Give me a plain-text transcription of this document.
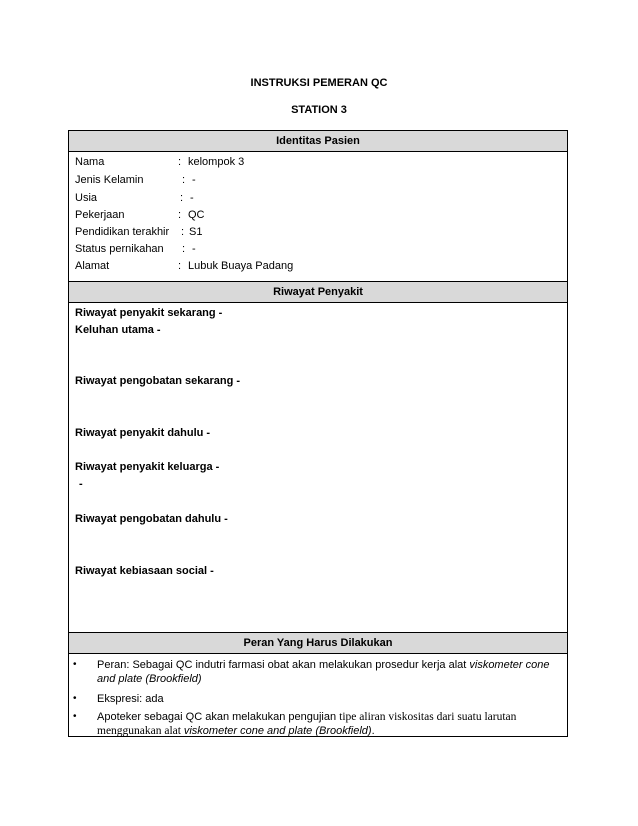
INSTRUKSI PEMERAN QC
STATION 3
Identitas Pasien
Nama	: kelompok 3
Jenis Kelamin	: -
Usia	: -
Pekerjaan	: QC
Pendidikan terakhir : S1
Status pernikahan : -
Alamat	: Lubuk Buaya Padang
Riwayat Penyakit
Riwayat penyakit sekarang -
Keluhan utama -
Riwayat pengobatan sekarang -
Riwayat penyakit dahulu -
Riwayat penyakit keluarga -
-
Riwayat pengobatan dahulu -
Riwayat kebiasaan social -
Peran Yang Harus Dilakukan
• Peran: Sebagai QC indutri farmasi obat akan melakukan prosedur kerja alat viskometer cone and plate (Brookfield)
• Ekspresi: ada
• Apoteker sebagai QC akan melakukan pengujian tipe aliran viskositas dari suatu larutan menggunakan alat viskometer cone and plate (Brookfield).
